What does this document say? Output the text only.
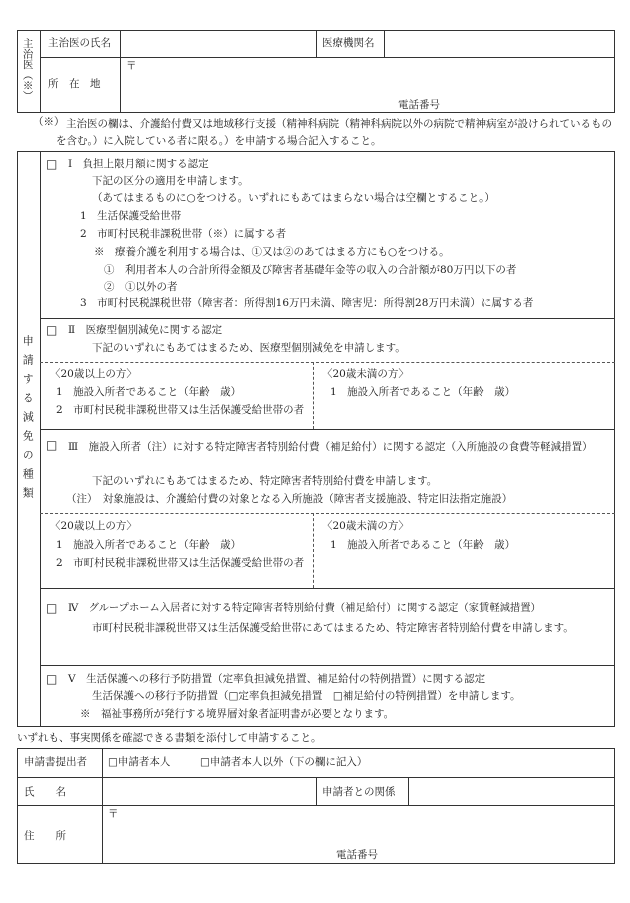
主治医（※） 主治医の氏名	医療機関名
所　在　地
〒
電話番号
（※） 主治医の欄は、介護給付費又は地域移行支援（精神科病院（精神科病院以外の病院で精神病室が設けられているものを含む。）に入院している者に限る。）を申請する場合記入すること。
申請する減免の種類
□ Ⅰ　負担上限月額に関する認定
下記の区分の適用を申請します。
（あてはまるものに○をつける。いずれにもあてはまらない場合は空欄とすること。）
1　生活保護受給世帯
2　市町村民税非課税世帯（※）に属する者
※　療養介護を利用する場合は、①又は②のあてはまる方にも○をつける。
①　利用者本人の合計所得金額及び障害者基礎年金等の収入の合計額が80万円以下の者
②　①以外の者
3　市町村民税課税世帯（障害者：所得割16万円未満、障害児：所得割28万円未満）に属する者
□ Ⅱ　医療型個別減免に関する認定
下記のいずれにもあてはまるため、医療型個別減免を申請します。
〈20歳以上の方〉
1　施設入所者であること（年齢　歳）
2　市町村民税非課税世帯又は生活保護受給世帯の者
〈20歳未満の方〉
1　施設入所者であること（年齢　歳）
□ Ⅲ　施設入所者（注）に対する特定障害者特別給付費（補足給付）に関する認定（入所施設の食費等軽減措置）
下記のいずれにもあてはまるため、特定障害者特別給付費を申請します。
（注）　対象施設は、介護給付費の対象となる入所施設（障害者支援施設、特定旧法指定施設）
〈20歳以上の方〉
1　施設入所者であること（年齢　歳）
2　市町村民税非課税世帯又は生活保護受給世帯の者
〈20歳未満の方〉
1　施設入所者であること（年齢　歳）
□ Ⅳ　グループホーム入居者に対する特定障害者特別給付費（補足給付）に関する認定（家賃軽減措置）
市町村民税非課税世帯又は生活保護受給世帯にあてはまるため、特定障害者特別給付費を申請します。
□ Ⅴ　生活保護への移行予防措置（定率負担減免措置、補足給付の特例措置）に関する認定
生活保護への移行予防措置（□定率負担減免措置　□補足給付の特例措置）を申請します。
※　福祉事務所が発行する境界層対象者証明書が必要となります。
いずれも、事実関係を確認できる書類を添付して申請すること。
申請書提出者 □申請者本人	□申請者本人以外（下の欄に記入）
氏　　名	申請者との関係
住　　所
〒
電話番号
